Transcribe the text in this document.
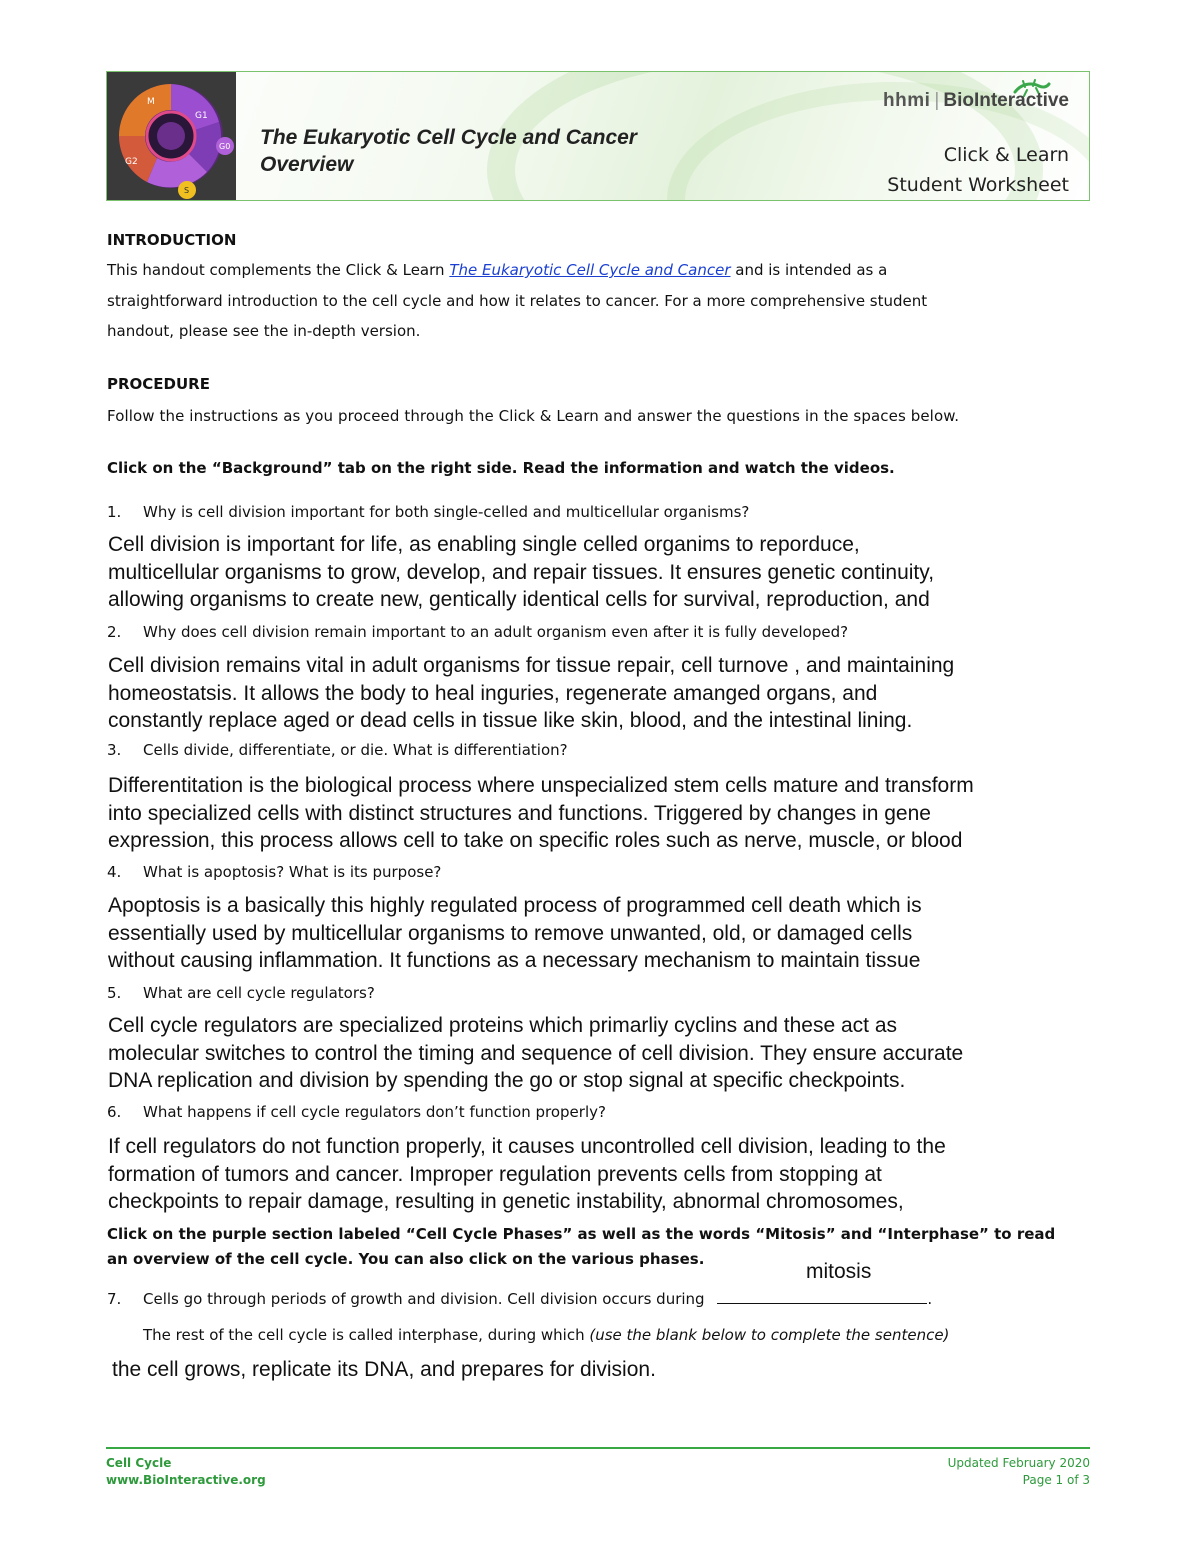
M
G1
G0
G2
S
The Eukaryotic Cell Cycle and Cancer
Overview
hhmi | BioInteractive
Click & Learn
Student Worksheet
INTRODUCTION
This handout complements the Click & Learn The Eukaryotic Cell Cycle and Cancer and is intended as a
straightforward introduction to the cell cycle and how it relates to cancer. For a more comprehensive student
handout, please see the in-depth version.
PROCEDURE
Follow the instructions as you proceed through the Click & Learn and answer the questions in the spaces below.
Click on the “Background” tab on the right side. Read the information and watch the videos.
1. Why is cell division important for both single-celled and multicellular organisms?
Cell division is important for life, as enabling single celled organims to reporduce,
multicellular organisms to grow, develop, and repair tissues. It ensures genetic continuity,
allowing organisms to create new, gentically identical cells for survival, reproduction, and
2. Why does cell division remain important to an adult organism even after it is fully developed?
Cell division remains vital in adult organisms for tissue repair, cell turnove , and maintaining
homeostatsis. It allows the body to heal inguries, regenerate amanged organs, and
constantly replace aged or dead cells in tissue like skin, blood, and the intestinal lining.
3. Cells divide, differentiate, or die. What is differentiation?
Differentitation is the biological process where unspecialized stem cells mature and transform
into specialized cells with distinct structures and functions. Triggered by changes in gene
expression, this process allows cell to take on specific roles such as nerve, muscle, or blood
4. What is apoptosis? What is its purpose?
Apoptosis is a basically this highly regulated process of programmed cell death which is
essentially used by multicellular organisms to remove unwanted, old, or damaged cells
without causing inflammation. It functions as a necessary mechanism to maintain tissue
5. What are cell cycle regulators?
Cell cycle regulators are specialized proteins which primarliy cyclins and these act as
molecular switches to control the timing and sequence of cell division. They ensure accurate
DNA replication and division by spending the go or stop signal at specific checkpoints.
6. What happens if cell cycle regulators don’t function properly?
If cell regulators do not function properly, it causes uncontrolled cell division, leading to the
formation of tumors and cancer. Improper regulation prevents cells from stopping at
checkpoints to repair damage, resulting in genetic instability, abnormal chromosomes,
Click on the purple section labeled “Cell Cycle Phases” as well as the words “Mitosis” and “Interphase” to read
an overview of the cell cycle. You can also click on the various phases.
mitosis
7. Cells go through periods of growth and division. Cell division occurs during	.
The rest of the cell cycle is called interphase, during which (use the blank below to complete the sentence)
the cell grows, replicate its DNA, and prepares for division.
Cell Cycle
www.BioInteractive.org
Updated February 2020
Page 1 of 3
